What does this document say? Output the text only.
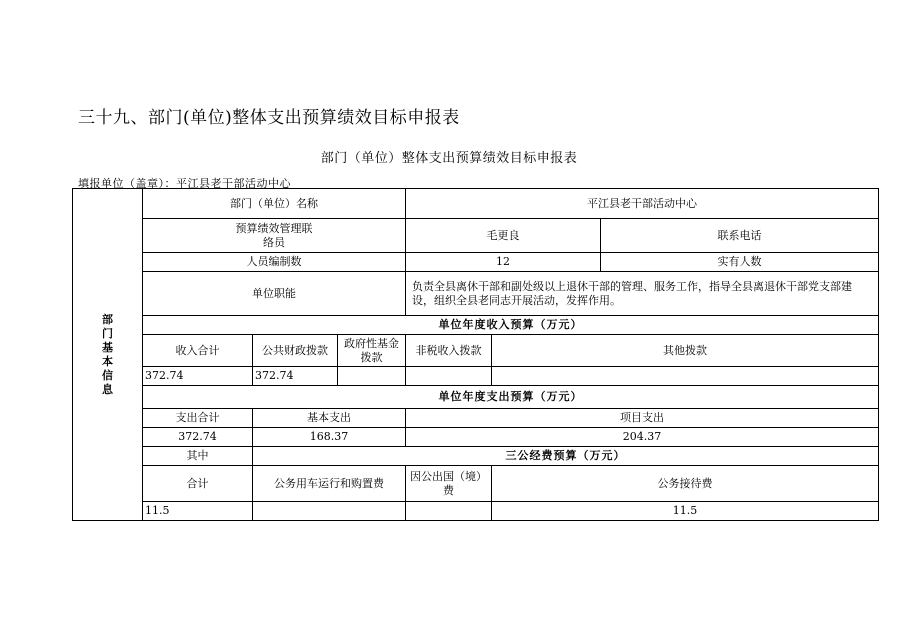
三十九、部门(单位)整体支出预算绩效目标申报表
部门（单位）整体支出预算绩效目标申报表
填报单位（盖章）：平江县老干部活动中心
部门基本信息	部门（单位）名称			平江县老干部活动中心			

	预算绩效管理联络员			毛更良		联系电话	
	人员编制数			12		实有人数	
	单位职能			负责全县离休干部和副处级以上退休干部的管理、服务工作，指导全县离退休干部党支部建设，组织全县老同志开展活动，发挥作用。			
	单位年度收入预算（万元）						
	收入合计	公共财政拨款	政府性基金拨款	非税收入拨款	其他拨款		
	372.74	372.74					
	单位年度支出预算（万元）						
	支出合计	基本支出		项目支出			
	372.74	168.37		204.37			
	其中	三公经费预算（万元）					
	合计	公务用车运行和购置费		因公出国（境）费	公务接待费		
	11.5				11.5		
